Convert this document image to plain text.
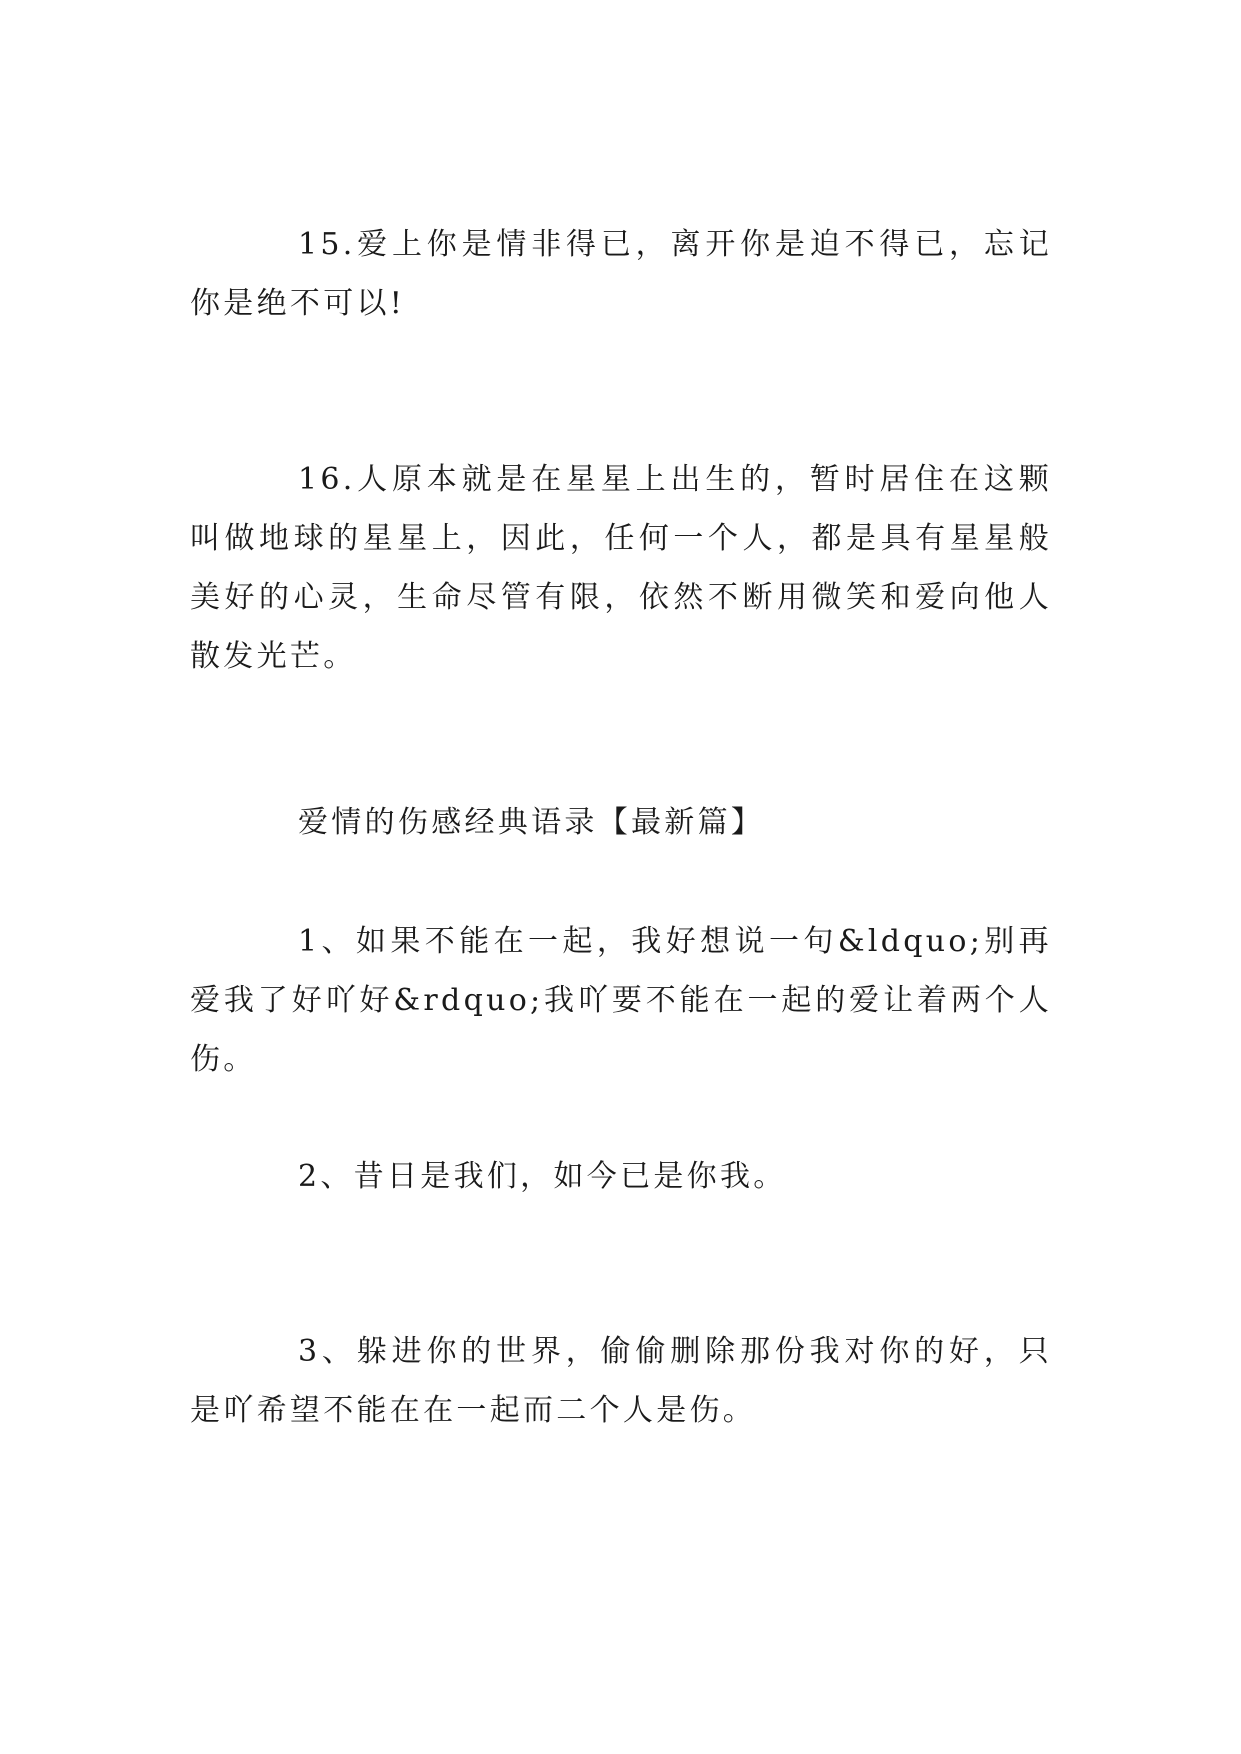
15.爱上你是情非得已，离开你是迫不得已，忘记你是绝不可以!

16.人原本就是在星星上出生的，暂时居住在这颗叫做地球的星星上，因此，任何一个人，都是具有星星般美好的心灵，生命尽管有限，依然不断用微笑和爱向他人散发光芒。

爱情的伤感经典语录【最新篇】

1、如果不能在一起，我好想说一句&ldquo;别再爱我了好吖好&rdquo;我吖要不能在一起的爱让着两个人伤。

2、昔日是我们，如今已是你我。

3、躲进你的世界，偷偷删除那份我对你的好，只是吖希望不能在在一起而二个人是伤。
